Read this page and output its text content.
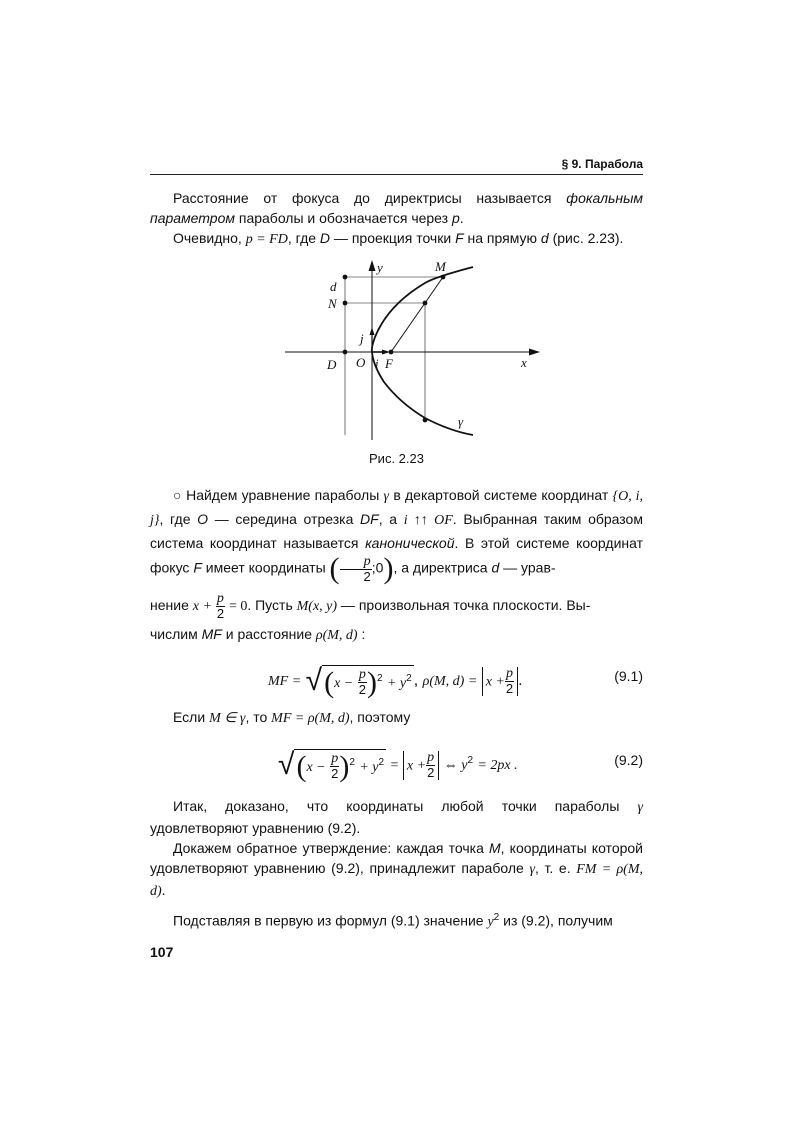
§ 9. Парабола

Расстояние от фокуса до директрисы называется фокальным параметром параболы и обозначается через p.

Очевидно, p = FD, где D — проекция точки F на прямую d (рис. 2.23).

y	M
d
N
j
D O i F	x
γ
Рис. 2.23

○ Найдем уравнение параболы γ в декартовой системе координат {O, i, j}, где O — середина отрезка DF, а i ↑↑ OF. Выбранная таким образом система координат называется канонической. В этой системе координат фокус F имеет координаты ( $\frac{p}{2}$ ;0), а директриса d — урав-

нение $x + \frac{p}{2} = 0$. Пусть M(x, y) — произвольная точка плоскости. Вы-
числим MF и расстояние ρ(M, d) :

MF = $√(x - \frac{p}{2} )^2 + y^2$ , ρ(M, $d) = x + \frac{p}{2}$ .	(9.1)

Если M ∈ γ, то MF = ρ(M, d), поэтому

$√(x - \frac{p}{2} )^2 + y^2 = x + \frac{p}{2}$ ⇔ $y^2 = 2px$ .	(9.2)

Итак, доказано, что координаты любой точки параболы γ удовлетворяют уравнению (9.2).

Докажем обратное утверждение: каждая точка M, координаты которой удовлетворяют уравнению (9.2), принадлежит параболе γ, т. е. FM = ρ(M, d).

Подставляя в первую из формул (9.1) значение $y^2$ из (9.2), получим

107
